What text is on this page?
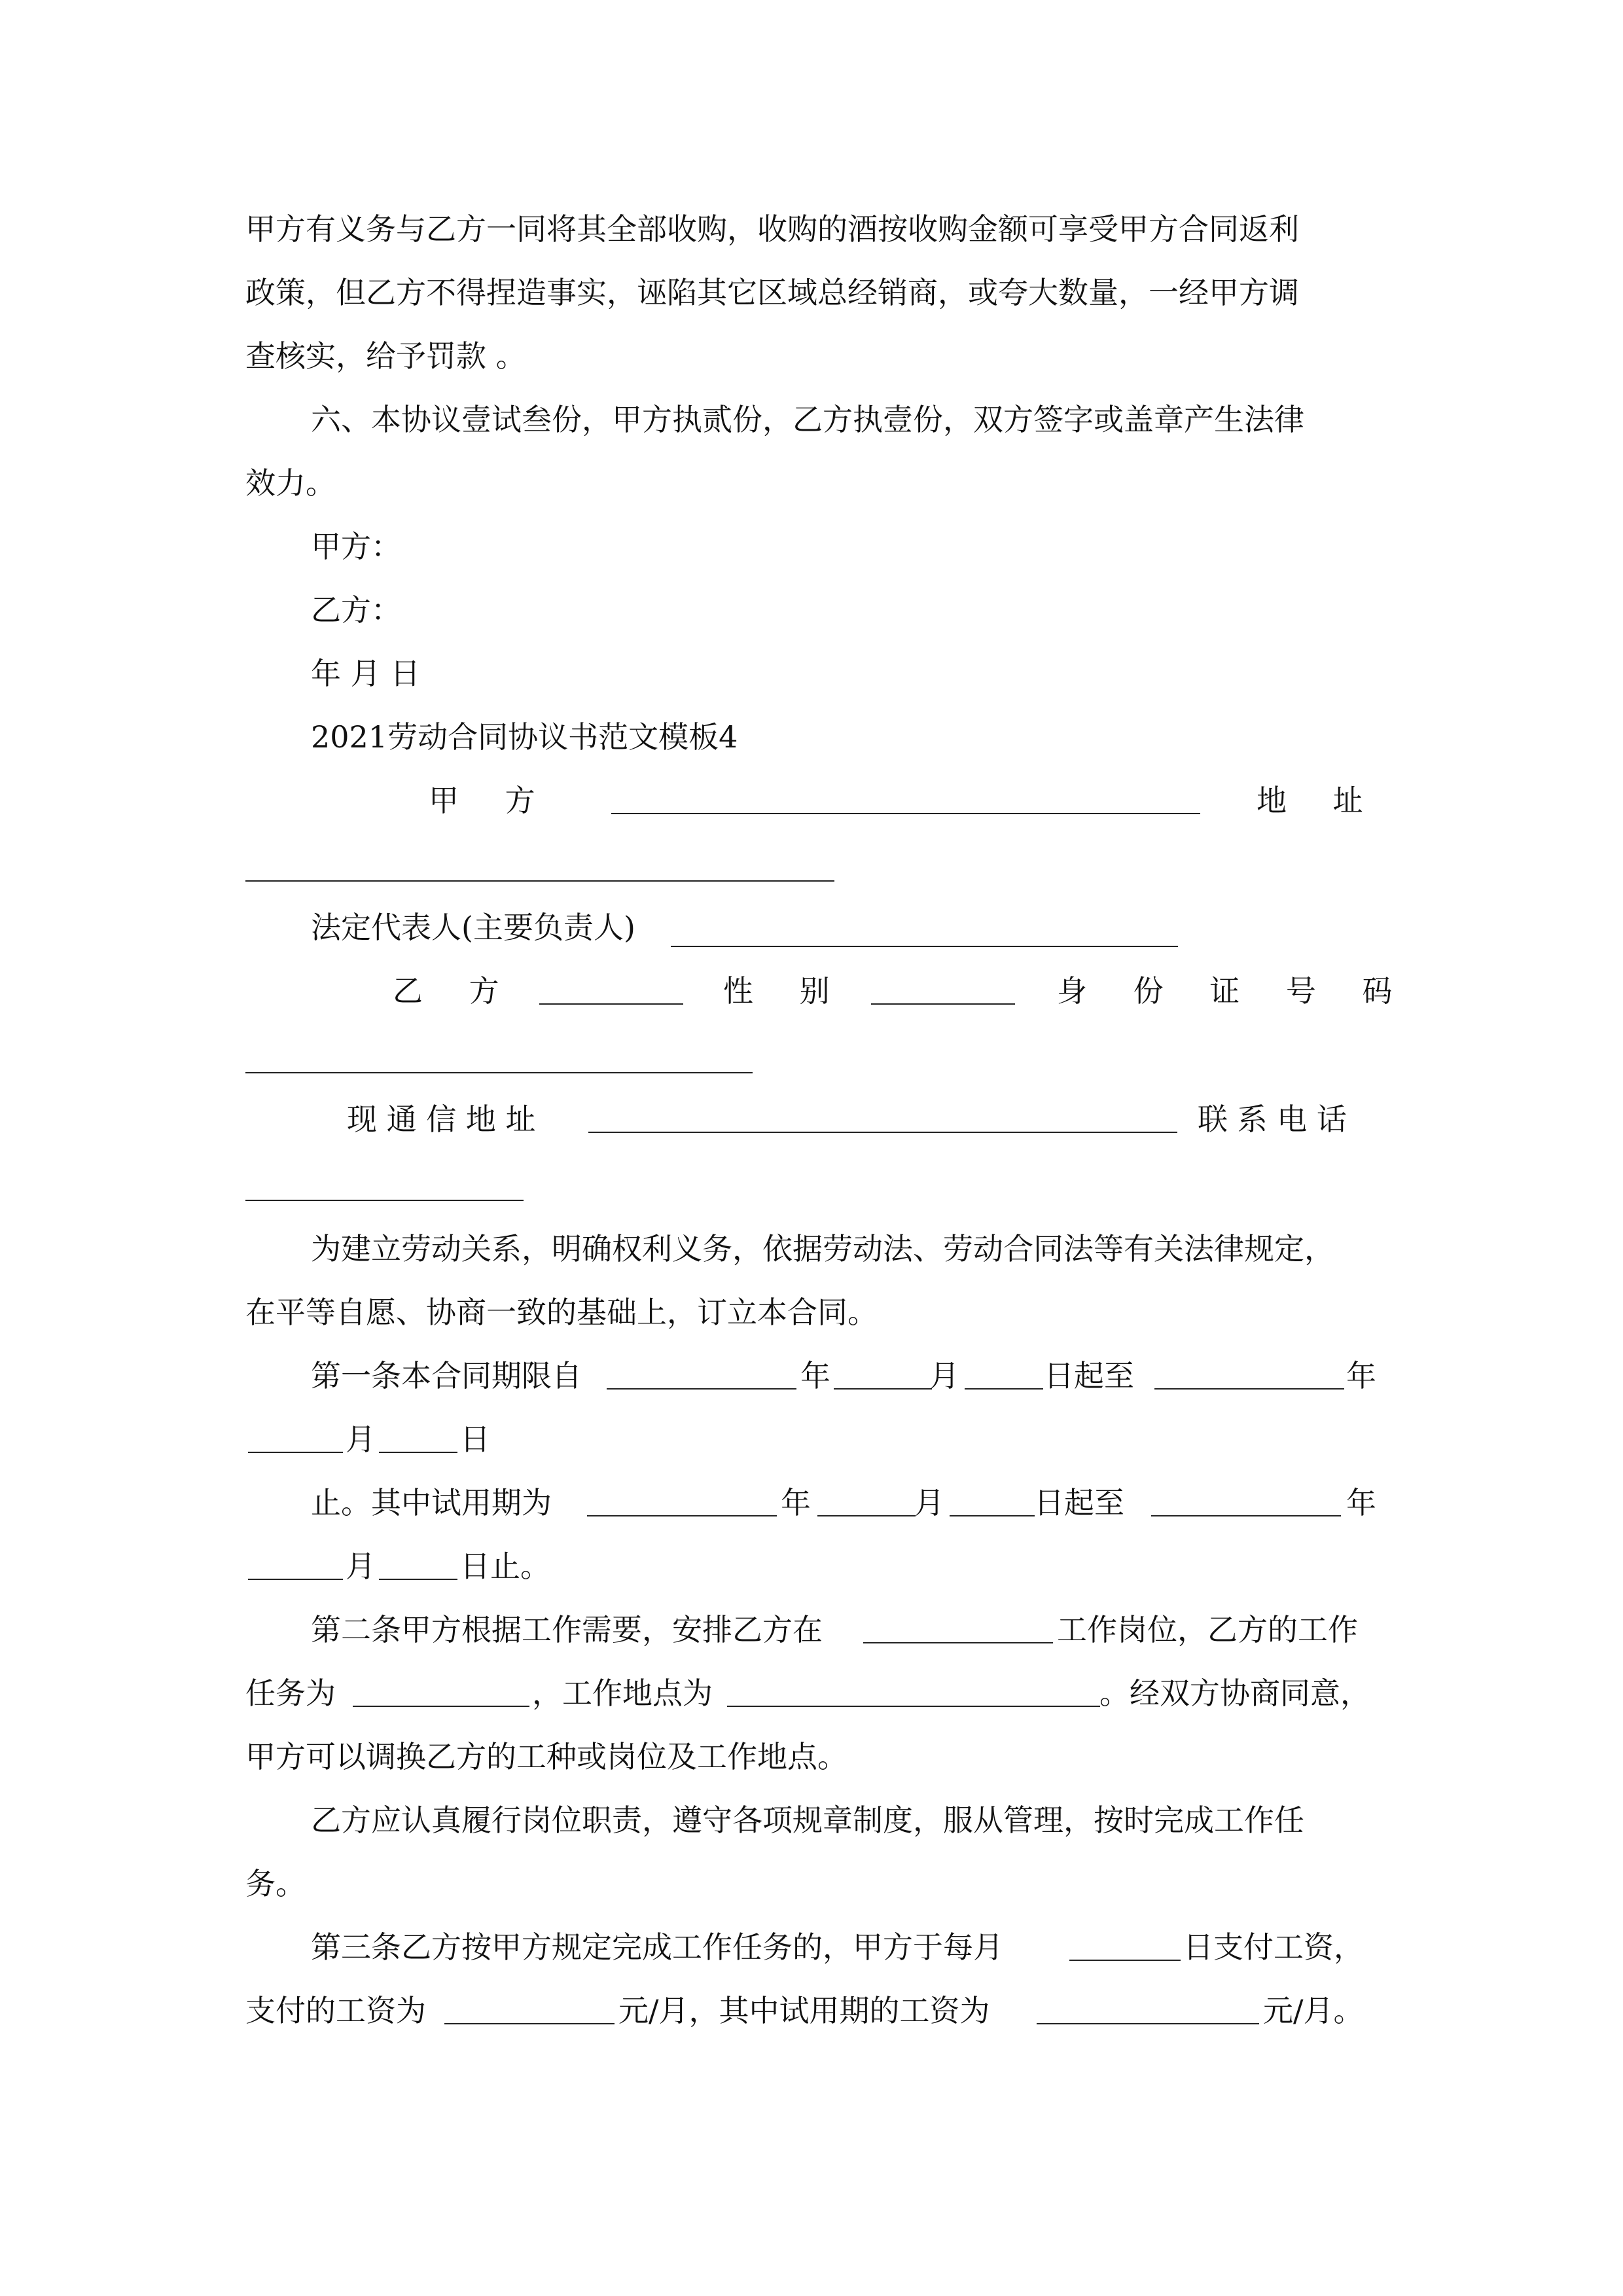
甲方有义务与乙方一同将其全部收购，收购的酒按收购金额可享受甲方合同返利
政策，但乙方不得捏造事实，诬陷其它区域总经销商，或夸大数量，一经甲方调
查核实，给予罚款 。
六、本协议壹试叁份，甲方执贰份，乙方执壹份，双方签字或盖章产生法律
效力。
甲方：
乙方：
年 月 日
2021劳动合同协议书范文模板4
甲 方	地 址
法定代表人(主要负责人)
乙 方	性 别	身 份 证 号 码
现 通 信 地 址	联 系 电 话
为建立劳动关系，明确权利义务，依据劳动法、劳动合同法等有关法律规定，
在平等自愿、协商一致的基础上，订立本合同。
第一条本合同期限自	年	月	日起至	年
月	日
止。其中试用期为	年	月	日起至	年
月	日止。
第二条甲方根据工作需要，安排乙方在	工作岗位，乙方的工作
任务为	，工作地点为	。经双方协商同意，
甲方可以调换乙方的工种或岗位及工作地点。
乙方应认真履行岗位职责，遵守各项规章制度，服从管理，按时完成工作任
务。
第三条乙方按甲方规定完成工作任务的，甲方于每月	日支付工资，
支付的工资为	元/月，其中试用期的工资为	元/月。
